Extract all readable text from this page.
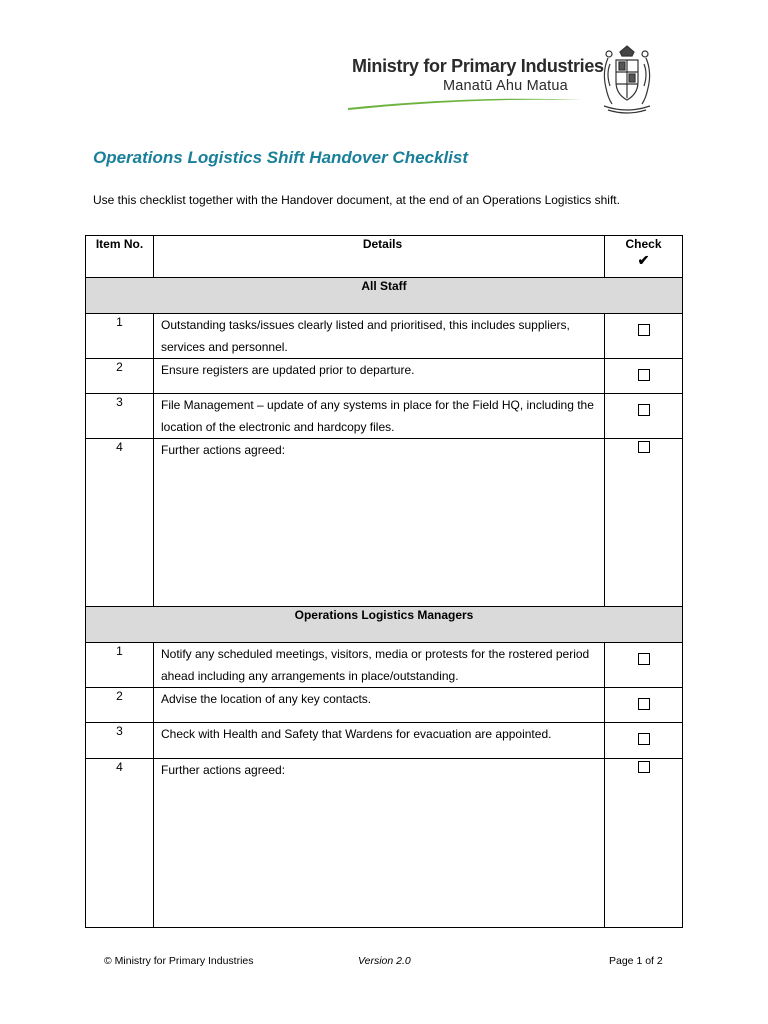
Ministry for Primary Industries
Manatū Ahu Matua
Operations Logistics Shift Handover Checklist
Use this checklist together with the Handover document, at the end of an Operations Logistics shift.
Item No.	Details	Check
✔

All Staff		
1	Outstanding tasks/issues clearly listed and prioritised, this includes suppliers, services and personnel.	
2	Ensure registers are updated prior to departure.	
3	File Management – update of any systems in place for the Field HQ, including the location of the electronic and hardcopy files.	
4	Further actions agreed:	
Operations Logistics Managers		
1	Notify any scheduled meetings, visitors, media or protests for the rostered period ahead including any arrangements in place/outstanding.	
2	Advise the location of any key contacts.	
3	Check with Health and Safety that Wardens for evacuation are appointed.	
4	Further actions agreed:	
© Ministry for Primary Industries	Version 2.0	Page 1 of 2
